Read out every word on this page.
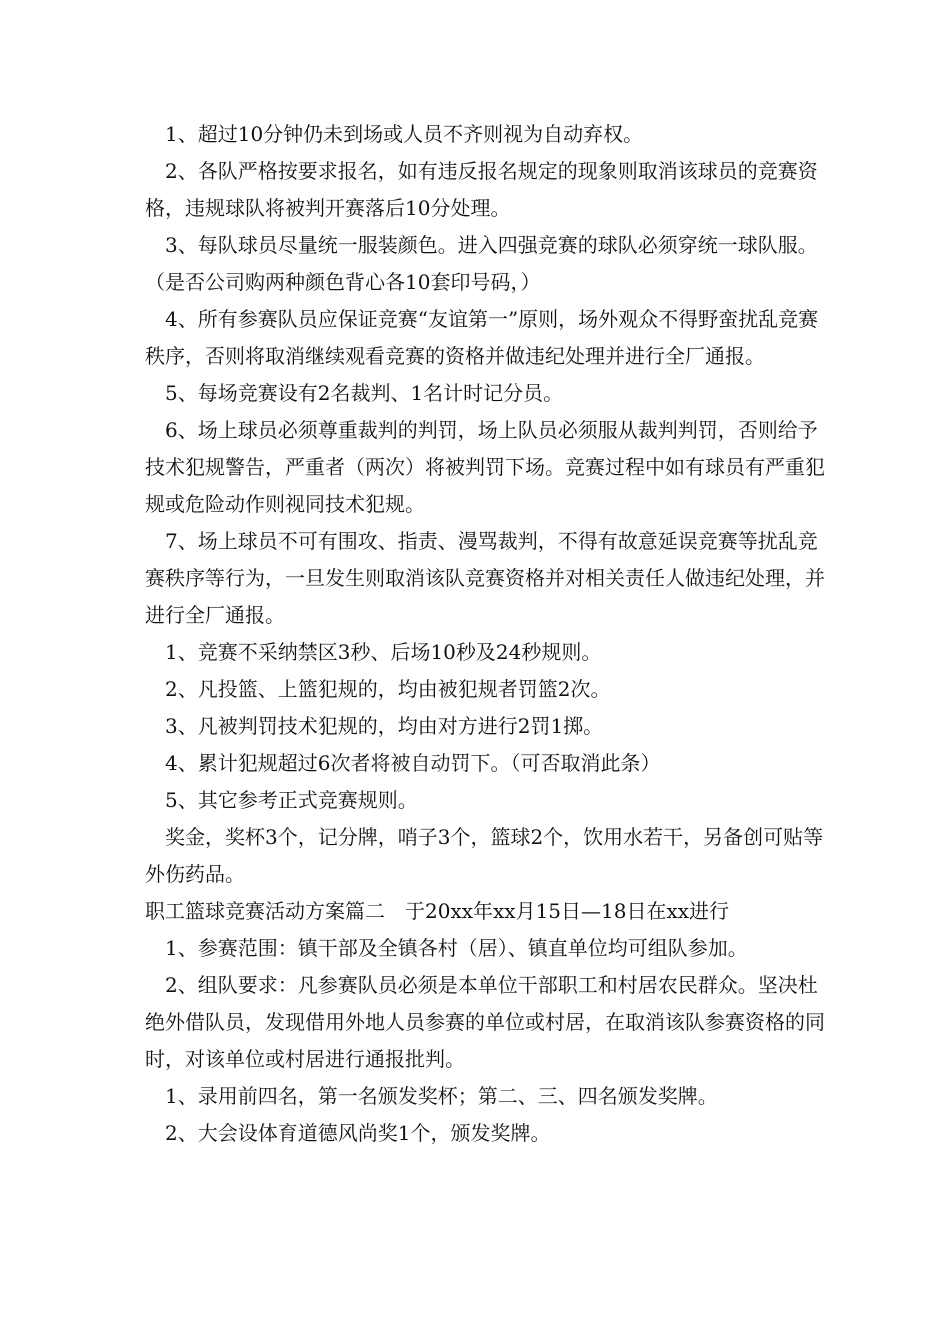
1、超过10分钟仍未到场或人员不齐则视为自动弃权。

2、各队严格按要求报名，如有违反报名规定的现象则取消该球员的竞赛资格，违规球队将被判开赛落后10分处理。

3、每队球员尽量统一服装颜色。进入四强竞赛的球队必须穿统一球队服。（是否公司购两种颜色背心各10套印号码，）

4、所有参赛队员应保证竞赛“友谊第一”原则，场外观众不得野蛮扰乱竞赛秩序，否则将取消继续观看竞赛的资格并做违纪处理并进行全厂通报。

5、每场竞赛设有2名裁判、1名计时记分员。

6、场上球员必须尊重裁判的判罚，场上队员必须服从裁判判罚，否则给予技术犯规警告，严重者（两次）将被判罚下场。竞赛过程中如有球员有严重犯规或危险动作则视同技术犯规。

7、场上球员不可有围攻、指责、漫骂裁判，不得有故意延误竞赛等扰乱竞赛秩序等行为，一旦发生则取消该队竞赛资格并对相关责任人做违纪处理，并进行全厂通报。

1、竞赛不采纳禁区3秒、后场10秒及24秒规则。

2、凡投篮、上篮犯规的，均由被犯规者罚篮2次。

3、凡被判罚技术犯规的，均由对方进行2罚1掷。

4、累计犯规超过6次者将被自动罚下。（可否取消此条）

5、其它参考正式竞赛规则。

奖金，奖杯3个，记分牌，哨子3个，篮球2个，饮用水若干，另备创可贴等外伤药品。

职工篮球竞赛活动方案篇二　于20xx年xx月15日—18日在xx进行

1、参赛范围：镇干部及全镇各村（居）、镇直单位均可组队参加。

2、组队要求：凡参赛队员必须是本单位干部职工和村居农民群众。坚决杜绝外借队员，发现借用外地人员参赛的单位或村居，在取消该队参赛资格的同时，对该单位或村居进行通报批判。

1、录用前四名，第一名颁发奖杯；第二、三、四名颁发奖牌。

2、大会设体育道德风尚奖1个，颁发奖牌。
